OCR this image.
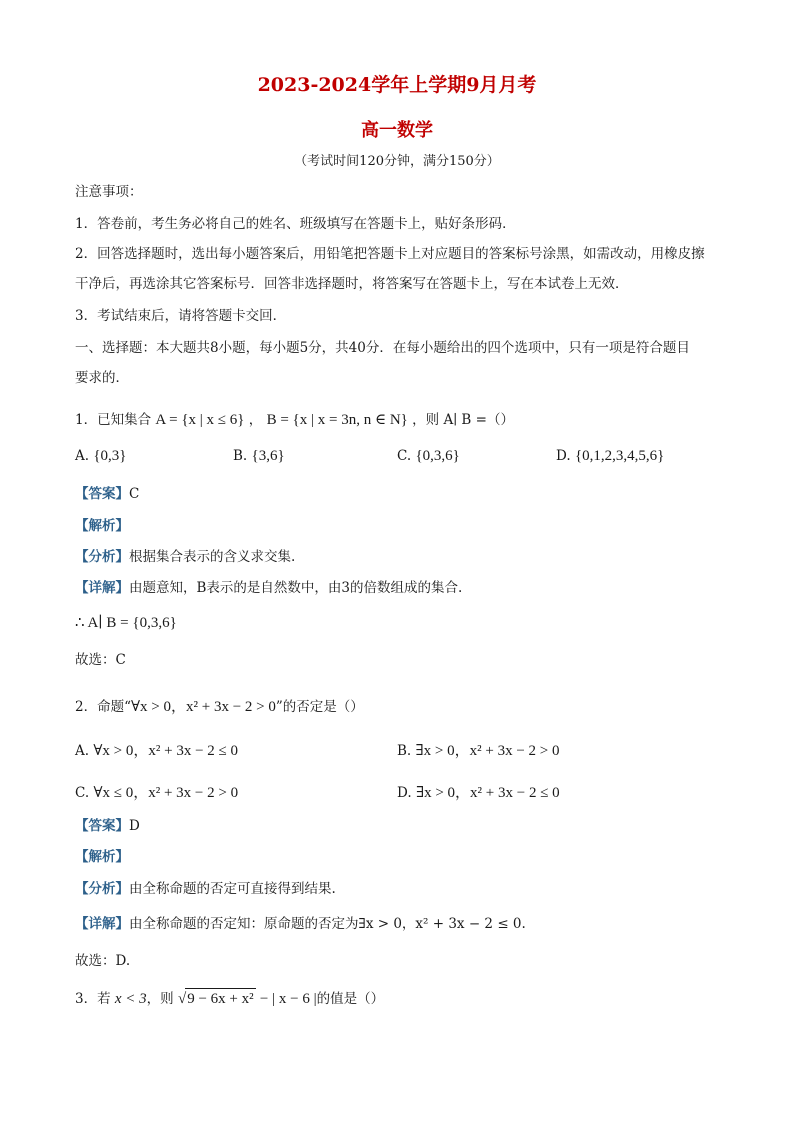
2023-2024学年上学期9月月考
高一数学
（考试时间120分钟，满分150分）
注意事项：
1．答卷前，考生务必将自己的姓名、班级填写在答题卡上，贴好条形码．
2．回答选择题时，选出每小题答案后，用铅笔把答题卡上对应题目的答案标号涂黑，如需改动，用橡皮擦
干净后，再选涂其它答案标号．回答非选择题时，将答案写在答题卡上，写在本试卷上无效．
3．考试结束后，请将答题卡交回．
一、选择题：本大题共8小题，每小题5分，共40分．在每小题给出的四个选项中，只有一项是符合题目
要求的．
1．已知集合 A = {x | x ≤ 6} ， B = {x | x = 3n, n ∈ N} ，则 A∣ B =（）
A. {0,3}	B. {3,6}	C. {0,3,6}	D. {0,1,2,3,4,5,6}
【答案】C
【解析】
【分析】根据集合表示的含义求交集.
【详解】由题意知，B表示的是自然数中，由3的倍数组成的集合.
∴ A∣ B = {0,3,6}
故选：C
2．命题“∀x > 0，x² + 3x − 2 > 0”的否定是（）
A. ∀x > 0，x² + 3x − 2 ≤ 0	B. ∃x > 0，x² + 3x − 2 > 0
C. ∀x ≤ 0，x² + 3x − 2 > 0	D. ∃x > 0，x² + 3x − 2 ≤ 0
【答案】D
【解析】
【分析】由全称命题的否定可直接得到结果.
【详解】由全称命题的否定知：原命题的否定为∃x > 0，x² + 3x − 2 ≤ 0.
故选：D.
3．若 x < 3，则 √9 − 6x + x² − | x − 6 |的值是（）
